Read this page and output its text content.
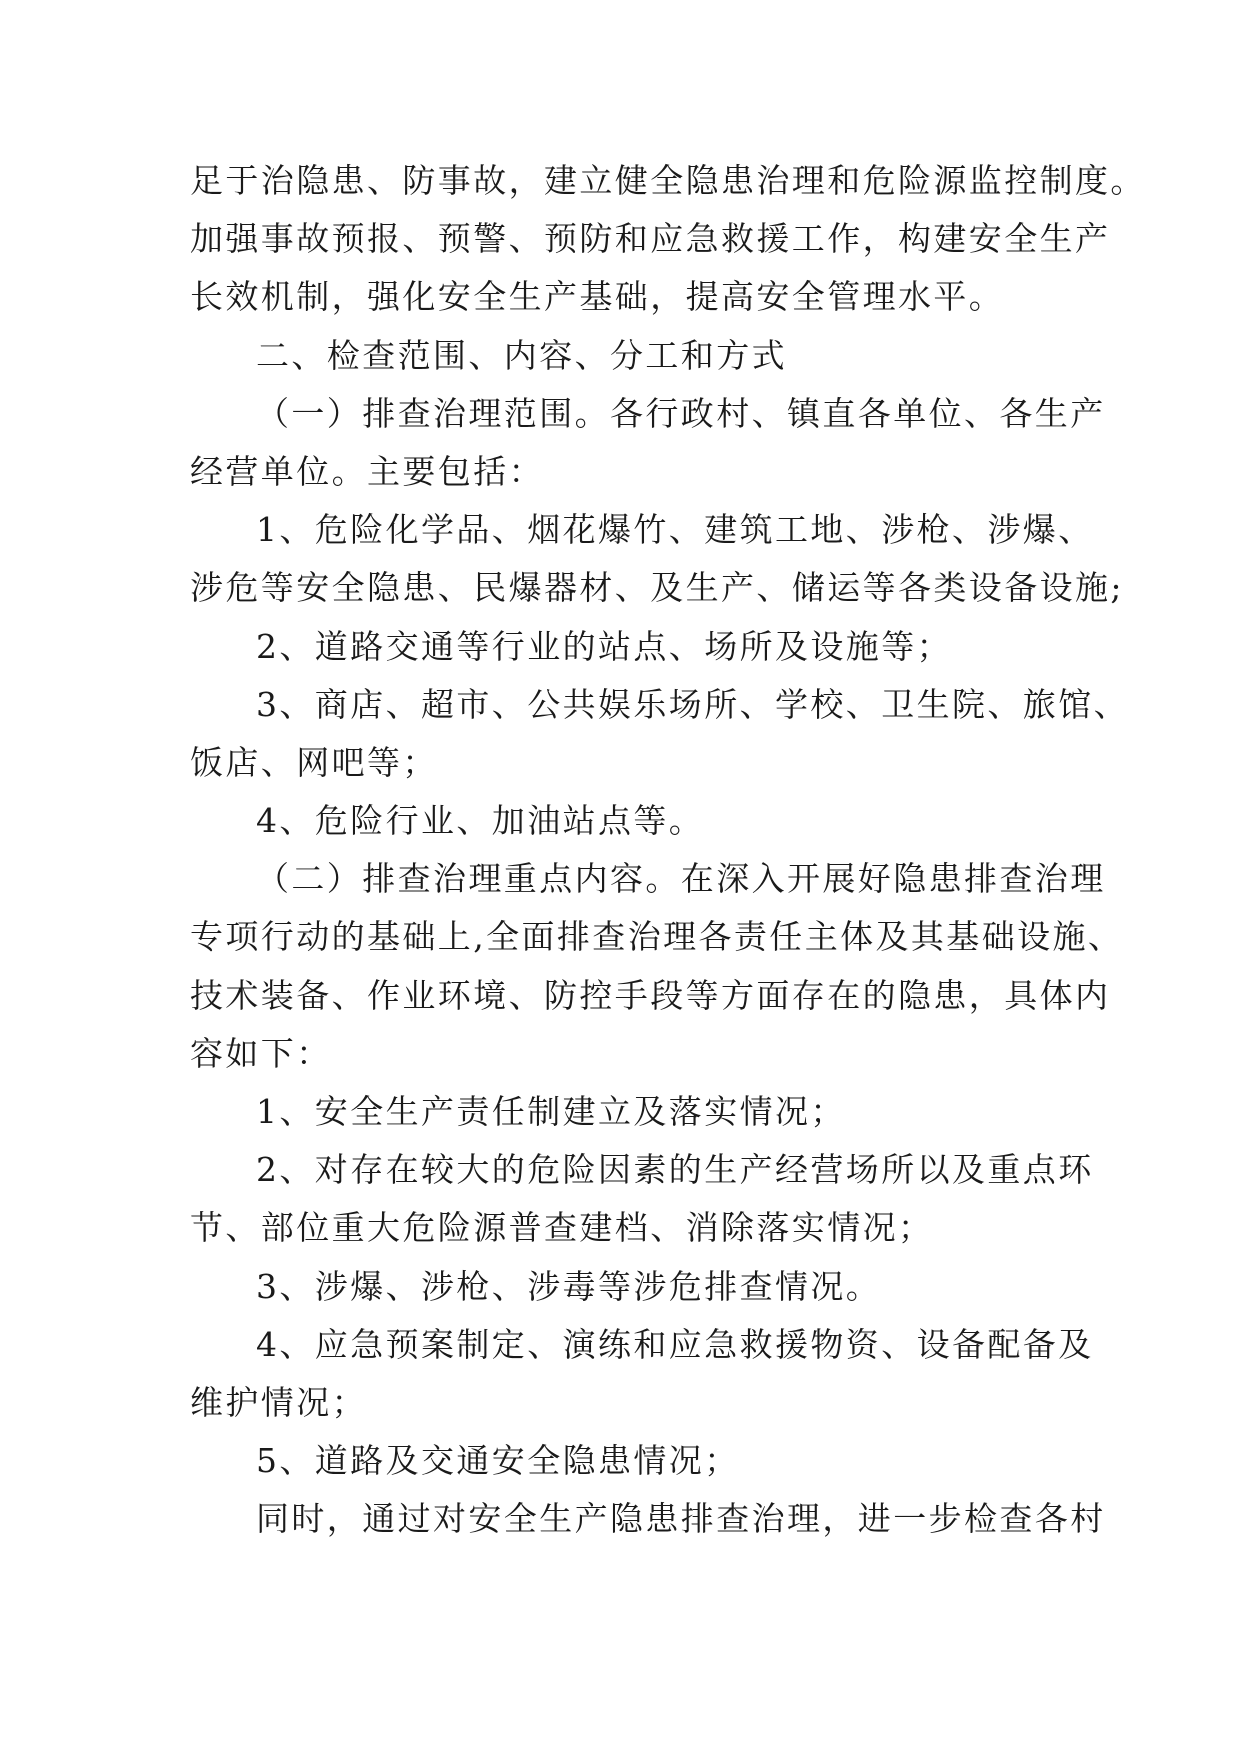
足于治隐患、防事故，建立健全隐患治理和危险源监控制度。
加强事故预报、预警、预防和应急救援工作，构建安全生产
长效机制，强化安全生产基础，提高安全管理水平。
二、检查范围、内容、分工和方式
（一）排查治理范围。各行政村、镇直各单位、各生产
经营单位。主要包括：
1、危险化学品、烟花爆竹、建筑工地、涉枪、涉爆、
涉危等安全隐患、民爆器材、及生产、储运等各类设备设施;
2、道路交通等行业的站点、场所及设施等；
3、商店、超市、公共娱乐场所、学校、卫生院、旅馆、
饭店、网吧等；
4、危险行业、加油站点等。
（二）排查治理重点内容。在深入开展好隐患排查治理
专项行动的基础上,全面排查治理各责任主体及其基础设施、
技术装备、作业环境、防控手段等方面存在的隐患，具体内
容如下：
1、安全生产责任制建立及落实情况；
2、对存在较大的危险因素的生产经营场所以及重点环
节、部位重大危险源普查建档、消除落实情况；
3、涉爆、涉枪、涉毒等涉危排查情况。
4、应急预案制定、演练和应急救援物资、设备配备及
维护情况；
5、道路及交通安全隐患情况；
同时，通过对安全生产隐患排查治理，进一步检查各村
